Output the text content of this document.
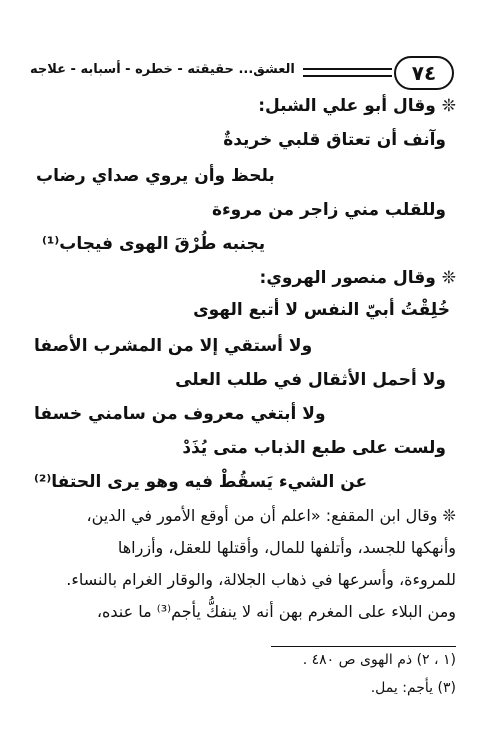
٧٤
العشق... حقيقته - خطره - أسبابه - علاجه
❊ وقال أبو علي الشبل:
وآنف أن تعتاق قلبي خريدةٌ
بلحظ وأن يروي صداي رضاب
وللقلب مني زاجر من مروءة
يجنبه طُرْقَ الهوى فيجاب⁽¹⁾
❊ وقال منصور الهروي:
خُلِقْتُ أبيّ النفس لا أتبع الهوى
ولا أستقي إلا من المشرب الأصفا
ولا أحمل الأثقال في طلب العلى
ولا أبتغي معروف من سامني خسفا
ولست على طبع الذباب متى يُذَدْ
عن الشيء يَسقُطْ فيه وهو يرى الحتفا⁽²⁾
❊ وقال ابن المقفع: «اعلم أن من أوقع الأمور في الدين،
وأنهكها للجسد، وأتلفها للمال، وأقتلها للعقل، وأزراها
للمروءة، وأسرعها في ذهاب الجلالة، والوقار الغرام بالنساء.
ومن البلاء على المغرم بهن أنه لا ينفكُّ يأجم⁽³⁾ ما عنده،
(١ ، ٢) ذم الهوى ص ٤٨٠ .
(٣) يأجم: يمل.
